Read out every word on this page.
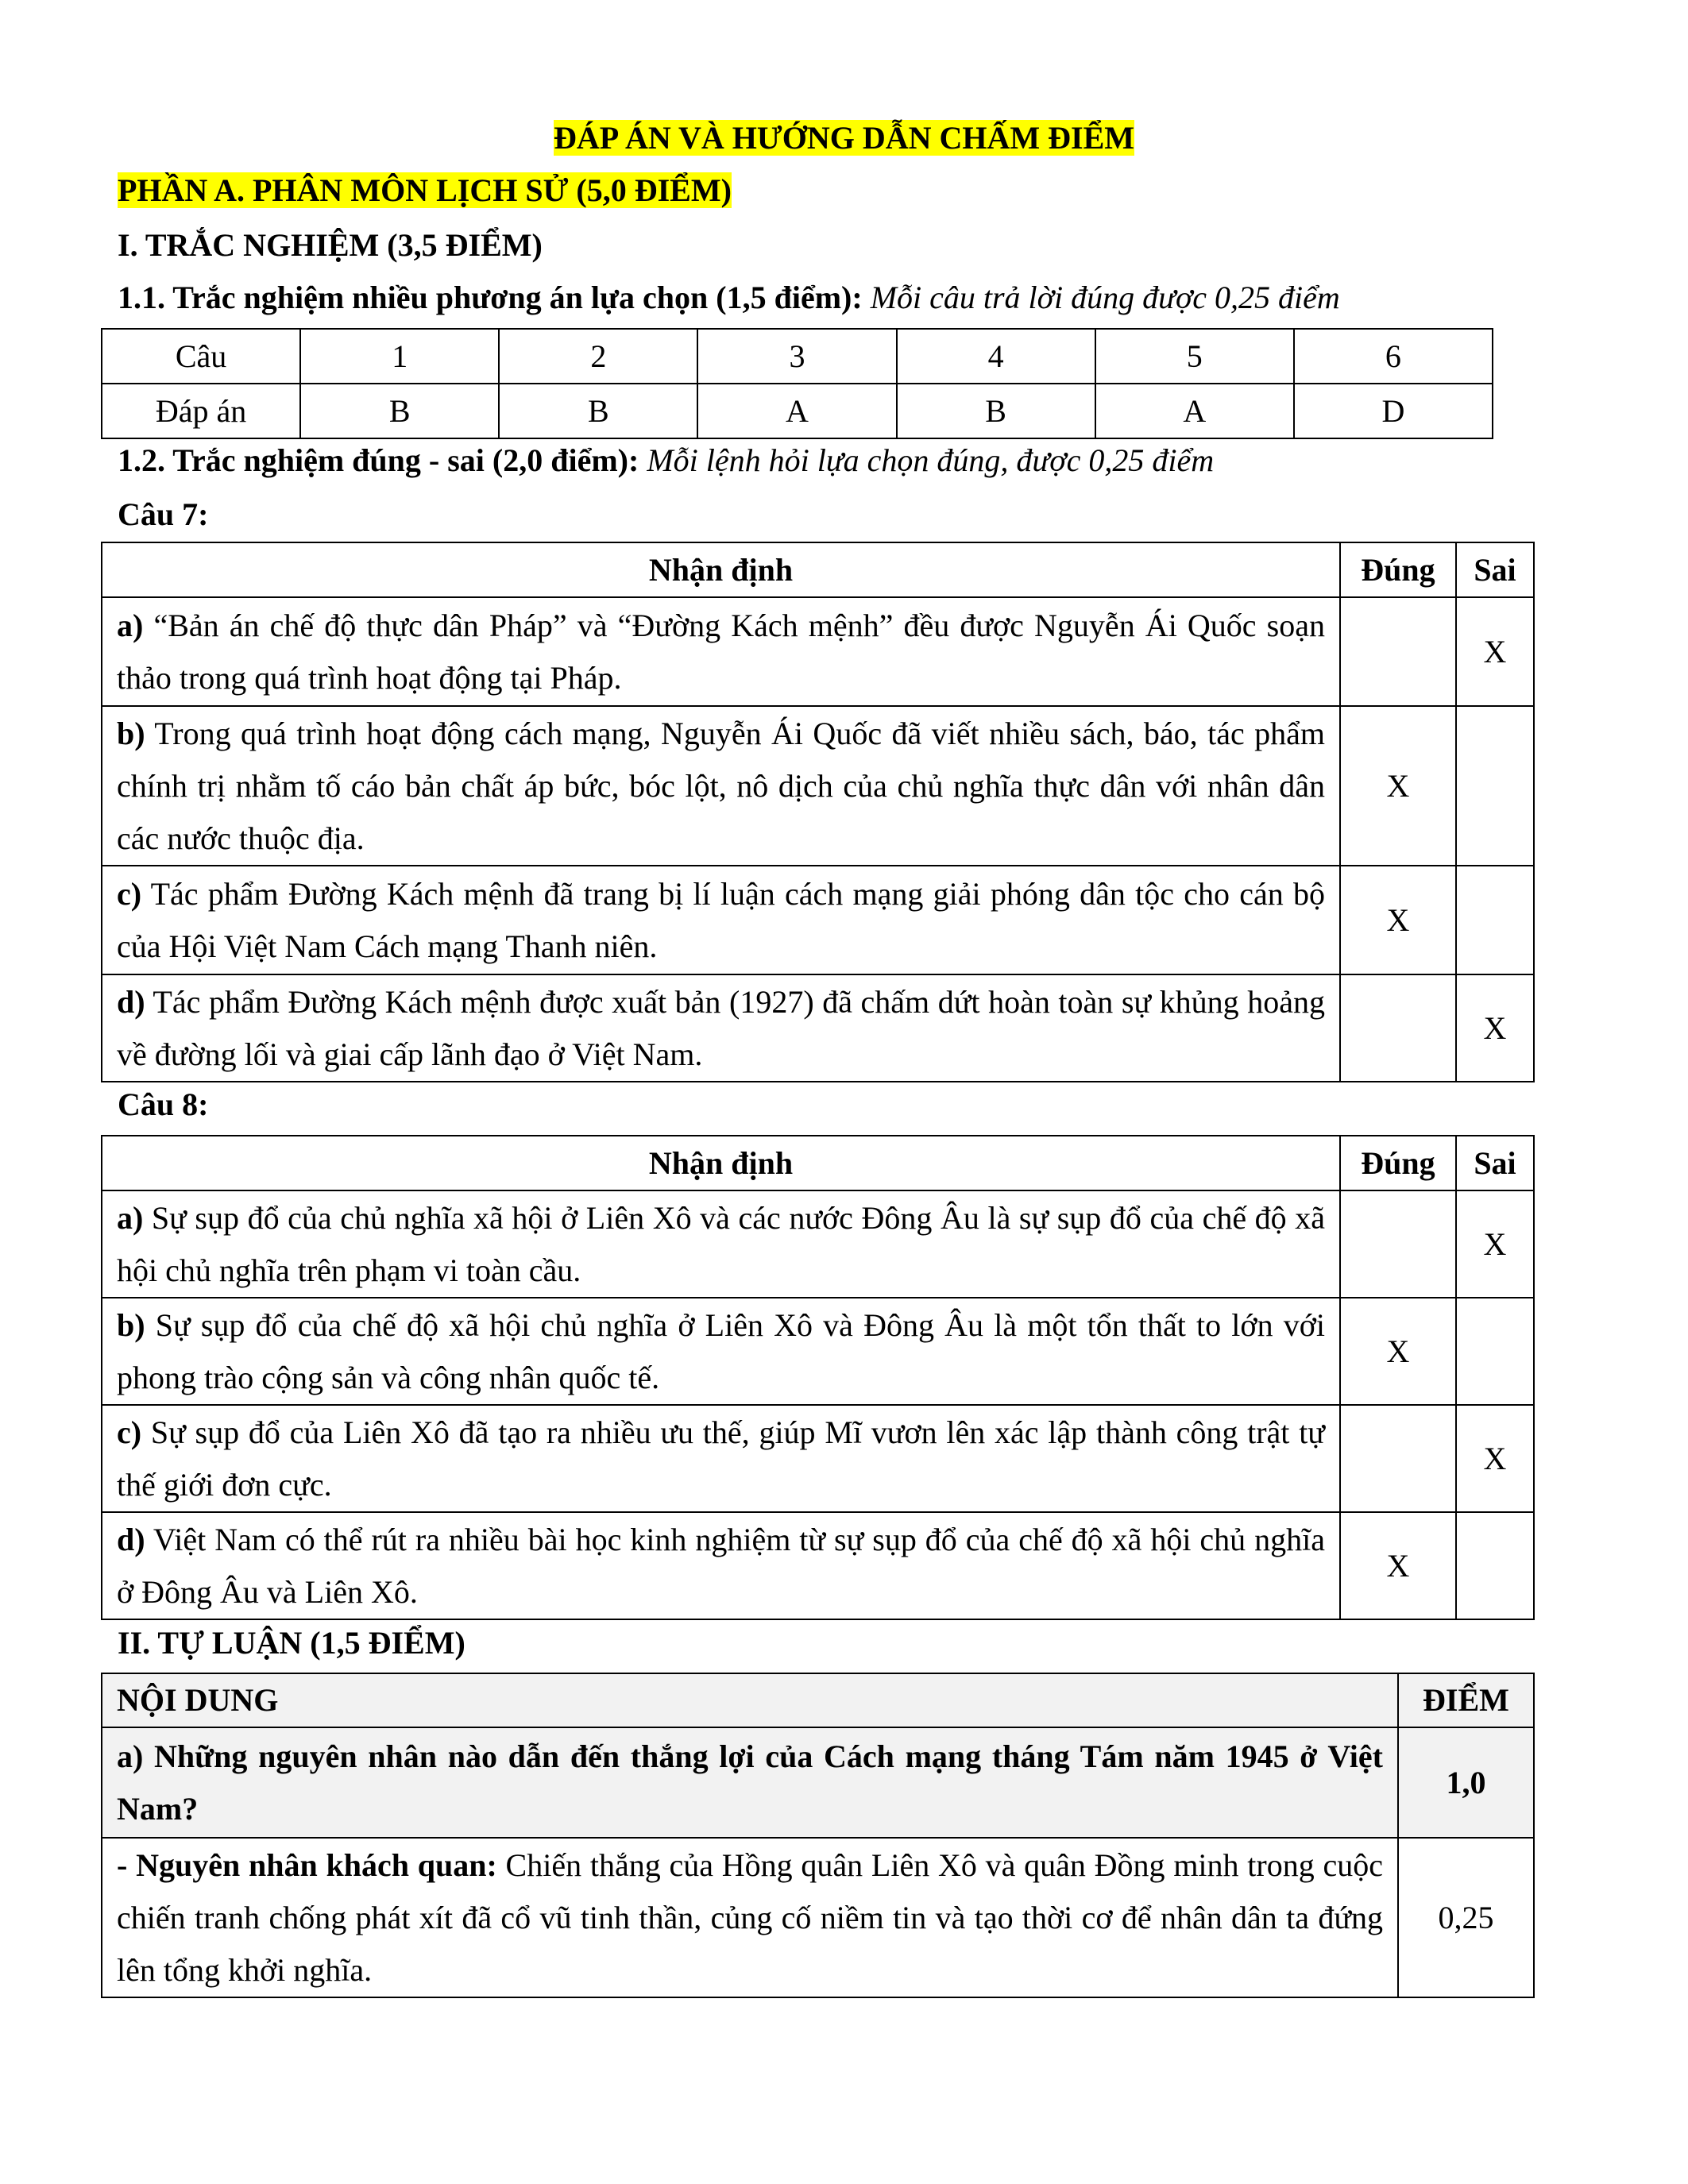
ĐÁP ÁN VÀ HƯỚNG DẪN CHẤM ĐIỂM
PHẦN A. PHÂN MÔN LỊCH SỬ (5,0 ĐIỂM)
I. TRẮC NGHIỆM (3,5 ĐIỂM)
1.1. Trắc nghiệm nhiều phương án lựa chọn (1,5 điểm): Mỗi câu trả lời đúng được 0,25 điểm
Câu	1	2	3	4	5	6
Đáp án	B	B	A	B	A	D
1.2. Trắc nghiệm đúng - sai (2,0 điểm): Mỗi lệnh hỏi lựa chọn đúng, được 0,25 điểm
Câu 7:
Nhận định	Đúng	Sai
a) “Bản án chế độ thực dân Pháp” và “Đường Kách mệnh” đều được Nguyễn Ái Quốc soạn thảo trong quá trình hoạt động tại Pháp.		X
b) Trong quá trình hoạt động cách mạng, Nguyễn Ái Quốc đã viết nhiều sách, báo, tác phẩm chính trị nhằm tố cáo bản chất áp bức, bóc lột, nô dịch của chủ nghĩa thực dân với nhân dân các nước thuộc địa.	X	
c) Tác phẩm Đường Kách mệnh đã trang bị lí luận cách mạng giải phóng dân tộc cho cán bộ của Hội Việt Nam Cách mạng Thanh niên.	X	
d) Tác phẩm Đường Kách mệnh được xuất bản (1927) đã chấm dứt hoàn toàn sự khủng hoảng về đường lối và giai cấp lãnh đạo ở Việt Nam.		X
Câu 8:
Nhận định	Đúng	Sai
a) Sự sụp đổ của chủ nghĩa xã hội ở Liên Xô và các nước Đông Âu là sự sụp đổ của chế độ xã hội chủ nghĩa trên phạm vi toàn cầu.		X
b) Sự sụp đổ của chế độ xã hội chủ nghĩa ở Liên Xô và Đông Âu là một tổn thất to lớn với phong trào cộng sản và công nhân quốc tế.	X	
c) Sự sụp đổ của Liên Xô đã tạo ra nhiều ưu thế, giúp Mĩ vươn lên xác lập thành công trật tự thế giới đơn cực.		X
d) Việt Nam có thể rút ra nhiều bài học kinh nghiệm từ sự sụp đổ của chế độ xã hội chủ nghĩa ở Đông Âu và Liên Xô.	X	
II. TỰ LUẬN (1,5 ĐIỂM)
NỘI DUNG	ĐIỂM
a) Những nguyên nhân nào dẫn đến thắng lợi của Cách mạng tháng Tám năm 1945 ở Việt Nam?	1,0
- Nguyên nhân khách quan: Chiến thắng của Hồng quân Liên Xô và quân Đồng minh trong cuộc chiến tranh chống phát xít đã cổ vũ tinh thần, củng cố niềm tin và tạo thời cơ để nhân dân ta đứng lên tổng khởi nghĩa.	0,25
